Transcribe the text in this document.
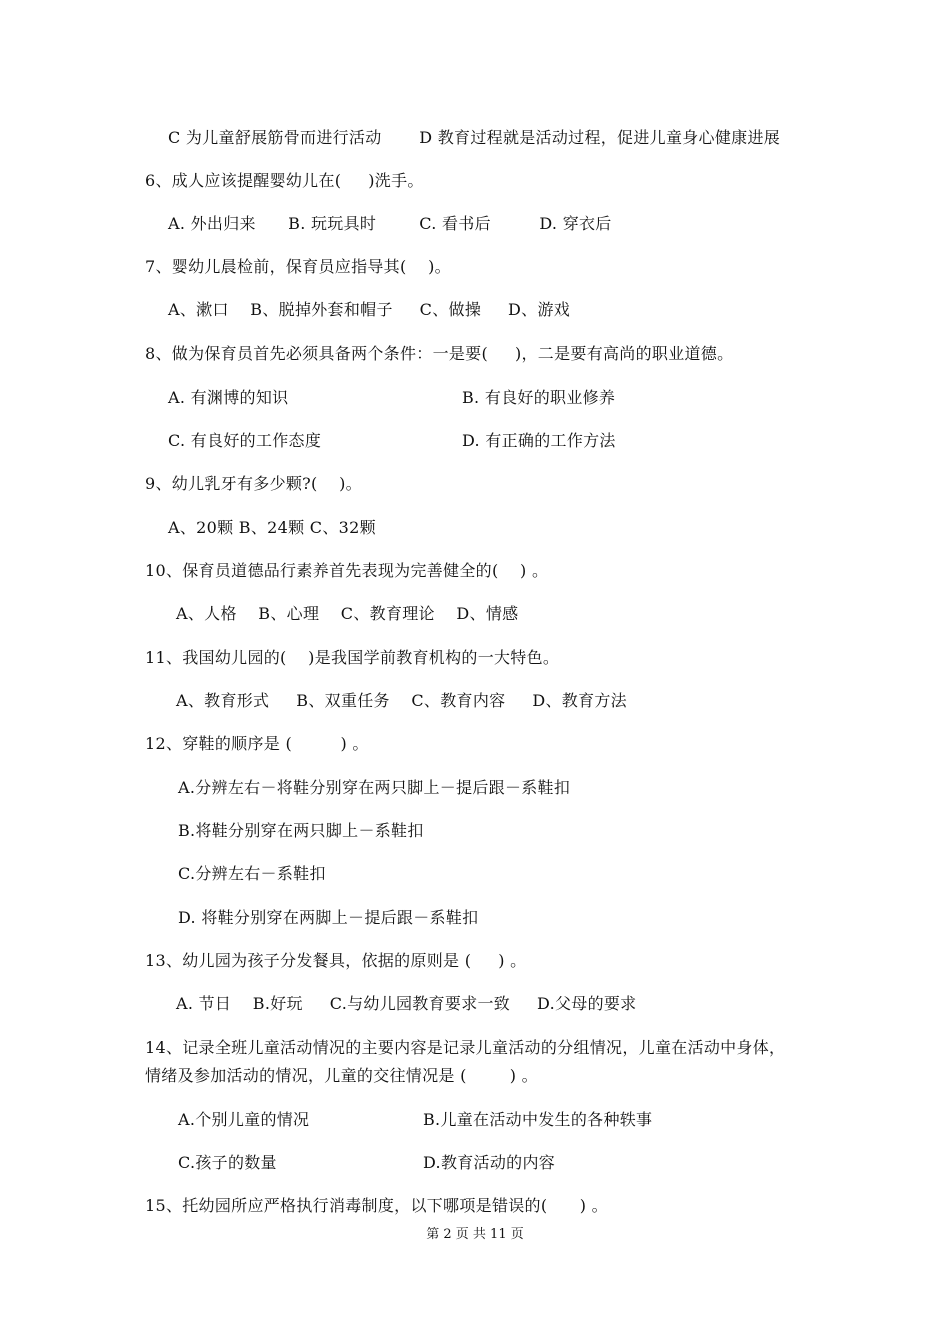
C 为儿童舒展筋骨而进行活动       D 教育过程就是活动过程，促进儿童身心健康进展
6、成人应该提醒婴幼儿在(     )洗手。
A. 外出归来      B. 玩玩具时        C. 看书后         D. 穿衣后
7、婴幼儿晨检前，保育员应指导其(    )。
A、漱口    B、脱掉外套和帽子     C、做操     D、游戏
8、做为保育员首先必须具备两个条件：一是要(     )，二是要有高尚的职业道德。
A. 有渊博的知识	B. 有良好的职业修养
C. 有良好的工作态度	D. 有正确的工作方法
9、幼儿乳牙有多少颗?(    )。
A、20颗 B、24颗 C、32颗
10、保育员道德品行素养首先表现为完善健全的(    ) 。
A、人格    B、心理    C、教育理论    D、情感
11、我国幼儿园的(    )是我国学前教育机构的一大特色。
A、教育形式     B、双重任务    C、教育内容     D、教育方法
12、穿鞋的顺序是 (         ) 。
A.分辨左右－将鞋分别穿在两只脚上－提后跟－系鞋扣
B.将鞋分别穿在两只脚上－系鞋扣
C.分辨左右－系鞋扣
D. 将鞋分别穿在两脚上－提后跟－系鞋扣
13、幼儿园为孩子分发餐具，依据的原则是 (     ) 。
A. 节日    B.好玩     C.与幼儿园教育要求一致     D.父母的要求
14、记录全班儿童活动情况的主要内容是记录儿童活动的分组情况，儿童在活动中身体，
情绪及参加活动的情况，儿童的交往情况是 (        ) 。
A.个别儿童的情况	B.儿童在活动中发生的各种轶事
C.孩子的数量	D.教育活动的内容
15、托幼园所应严格执行消毒制度，以下哪项是错误的(      ) 。
第 2 页 共 11 页
